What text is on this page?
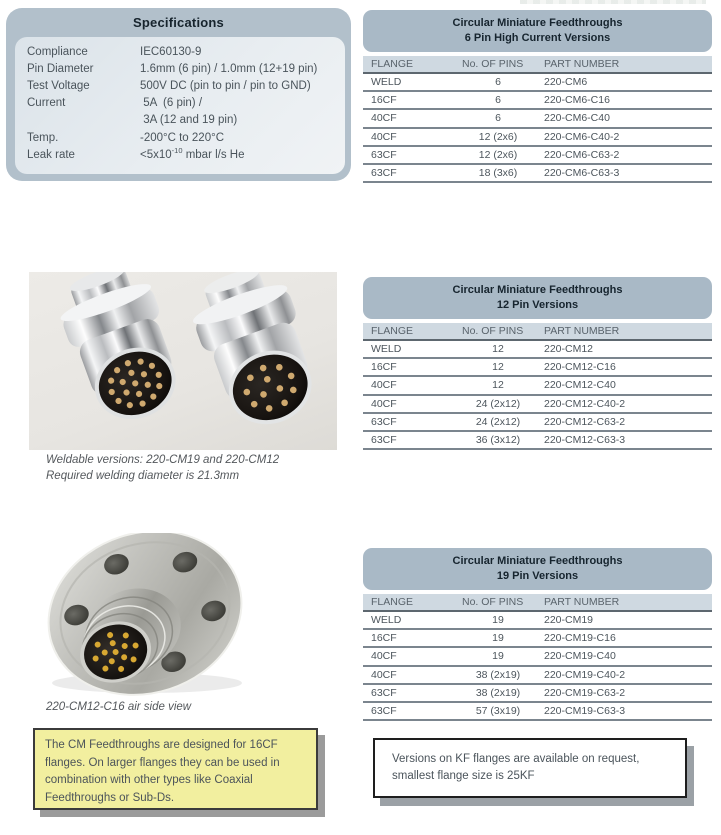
Specifications

Compliance	IEC60130-9
Pin Diameter	1.6mm (6 pin) / 1.0mm (12+19 pin)
Test Voltage	500V DC (pin to pin / pin to GND)
Current	5A  (6 pin) /
3A (12 and 19 pin)
Temp.	-200°C to 220°C
Leak rate	$<5x10^{-10}$ mbar l/s He
Circular Miniature Feedthroughs
6 Pin High Current Versions
FLANGE	No. OF PINS	PART NUMBER
WELD	6	220-CM6
16CF	6	220-CM6-C16
40CF	6	220-CM6-C40
40CF	12 (2x6)	220-CM6-C40-2
63CF	12 (2x6)	220-CM6-C63-2
63CF	18 (3x6)	220-CM6-C63-3
Circular Miniature Feedthroughs
12 Pin Versions
FLANGE	No. OF PINS	PART NUMBER
WELD	12	220-CM12
16CF	12	220-CM12-C16
40CF	12	220-CM12-C40
40CF	24 (2x12)	220-CM12-C40-2
63CF	24 (2x12)	220-CM12-C63-2
63CF	36 (3x12)	220-CM12-C63-3
Circular Miniature Feedthroughs
19 Pin Versions
FLANGE	No. OF PINS	PART NUMBER
WELD	19	220-CM19
16CF	19	220-CM19-C16
40CF	19	220-CM19-C40
40CF	38 (2x19)	220-CM19-C40-2
63CF	38 (2x19)	220-CM19-C63-2
63CF	57 (3x19)	220-CM19-C63-3
Weldable versions: 220-CM19 and 220-CM12
Required welding diameter is 21.3mm
220-CM12-C16 air side view
The CM Feedthroughs are designed for 16CF flanges. On larger flanges they can be used in combination with other types like Coaxial Feedthroughs or Sub-Ds.
Versions on KF flanges are available on request, smallest flange size is 25KF
